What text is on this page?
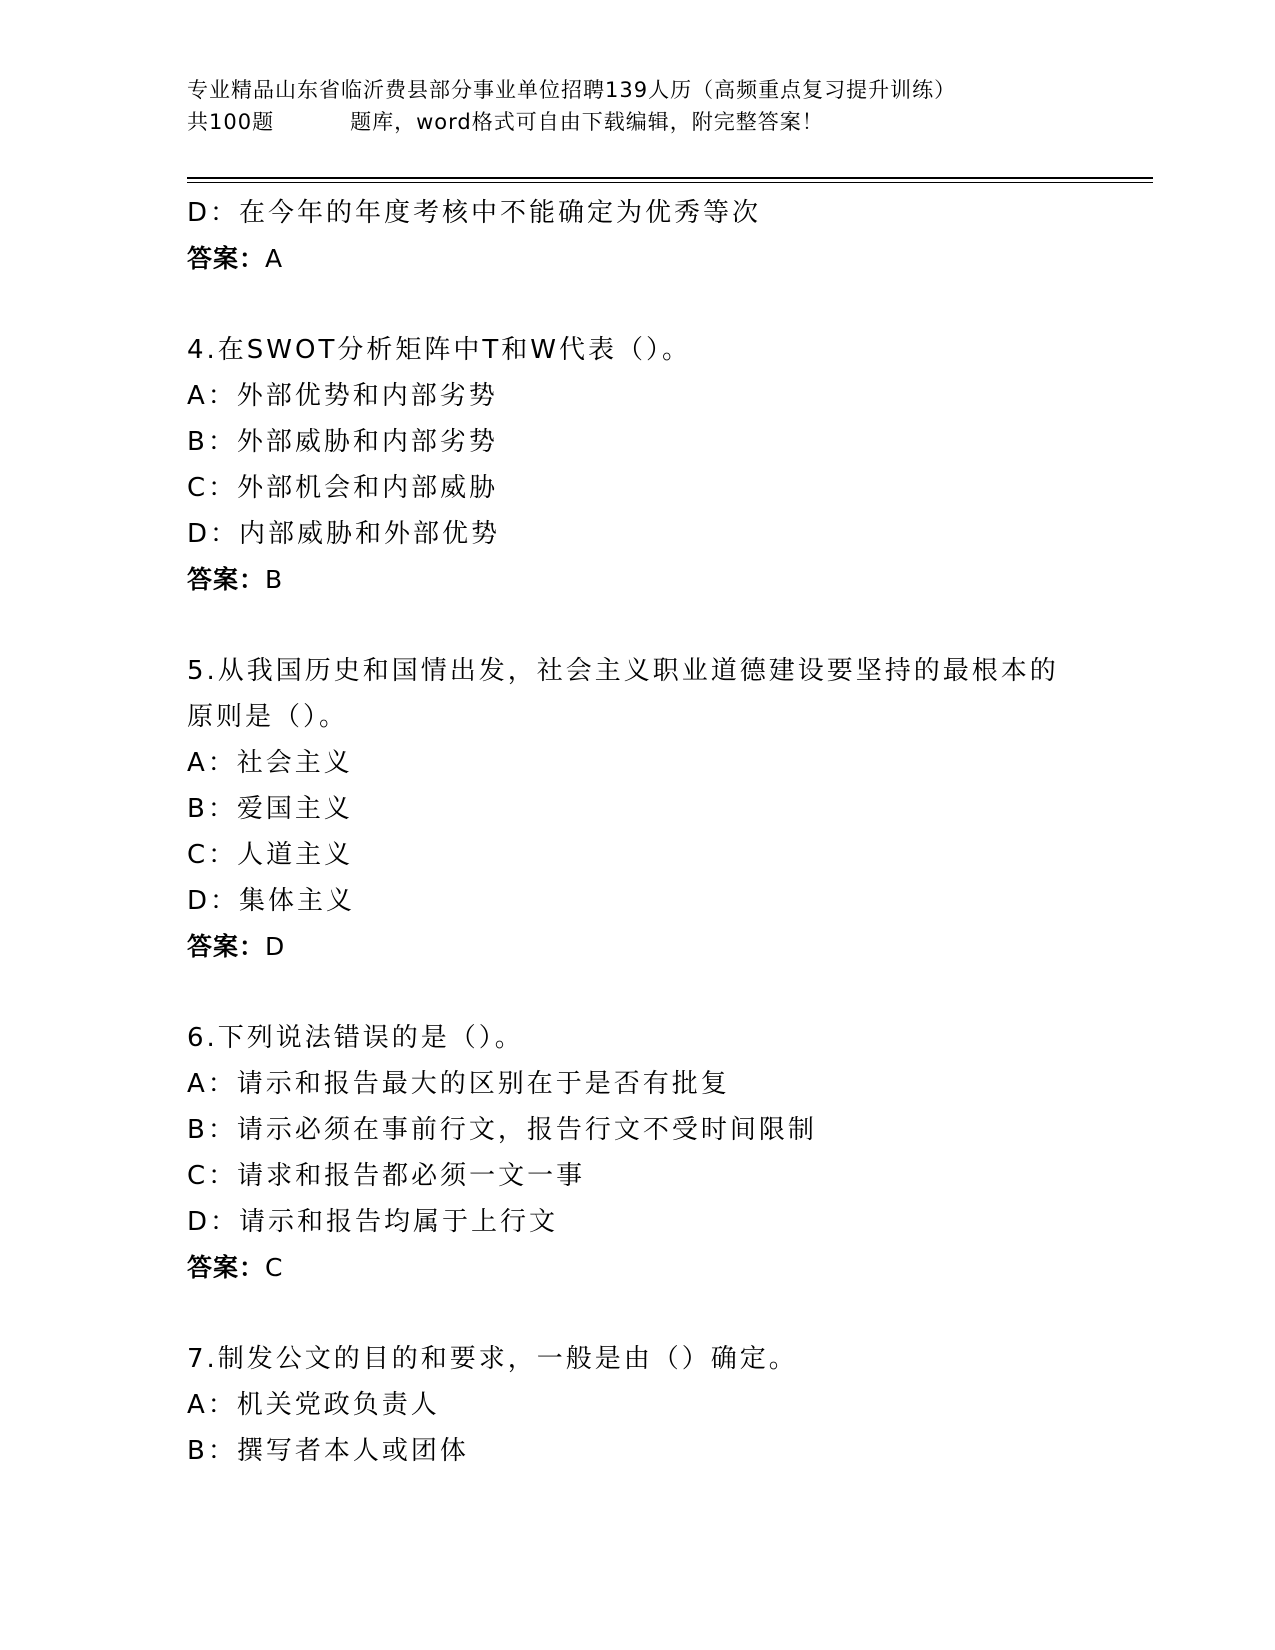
专业精品山东省临沂费县部分事业单位招聘139人历（高频重点复习提升训练）
共100题	题库，word格式可自由下载编辑，附完整答案！
D：在今年的年度考核中不能确定为优秀等次
答案：A
4.在SWOT分析矩阵中T和W代表（）。
A：外部优势和内部劣势
B：外部威胁和内部劣势
C：外部机会和内部威胁
D：内部威胁和外部优势
答案：B
5.从我国历史和国情出发，社会主义职业道德建设要坚持的最根本的
原则是（）。
A：社会主义
B：爱国主义
C：人道主义
D：集体主义
答案：D
6.下列说法错误的是（）。
A：请示和报告最大的区别在于是否有批复
B：请示必须在事前行文，报告行文不受时间限制
C：请求和报告都必须一文一事
D：请示和报告均属于上行文
答案：C
7.制发公文的目的和要求，一般是由（）确定。
A：机关党政负责人
B：撰写者本人或团体
